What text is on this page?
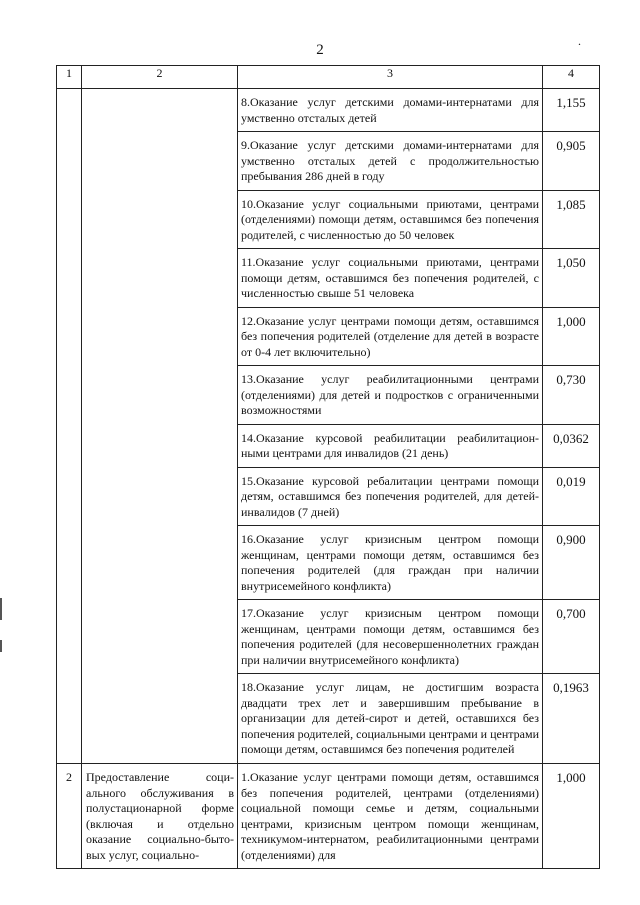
2
.
1	2	3	4
		8.Оказание услуг детскими домами-интернатами для умственно отсталых детей	1,155
		9.Оказание услуг детскими домами-интернатами для умственно отсталых детей с продолжительностью пребывания 286 дней в году	0,905
		10.Оказание услуг социальными приютами, центрами (отделениями) помощи детям, оставшимся без попечения родителей, с численностью до 50 человек	1,085
		11.Оказание услуг социальными приютами, центрами помощи детям, оставшимся без попечения родителей, с численностью свыше 51 человека	1,050
		12.Оказание услуг центрами помощи детям, оставшимся без попечения родителей (отделение для детей в возрасте от 0-4 лет включительно)	1,000
		13.Оказание услуг реабилитационными центрами (отделениями) для детей и подростков с ограниченными возможностями	0,730
		14.Оказание курсовой реабилитации реабилитацион-ными центрами для инвалидов (21 день)	0,0362
		15.Оказание курсовой ребалитации центрами помощи детям, оставшимся без попечения родителей, для детей-инвалидов (7 дней)	0,019
		16.Оказание услуг кризисным центром помощи женщинам, центрами помощи детям, оставшимся без попечения родителей (для граждан при наличии внутрисемейного конфликта)	0,900
		17.Оказание услуг кризисным центром помощи женщинам, центрами помощи детям, оставшимся без попечения родителей (для несовершеннолетних граждан при наличии внутрисемейного конфликта)	0,700
		18.Оказание услуг лицам, не достигшим возраста двадцати трех лет и завершившим пребывание в организации для детей-сирот и детей, оставшихся без попечения родителей, социальными центрами и центрами помощи детям, оставшимся без попечения родителей	0,1963
2	Предоставление соци-ального обслуживания в полустационарной форме (включая и отдельно оказание социально-быто-вых услуг, социально-	1.Оказание услуг центрами помощи детям, оставшимся без попечения родителей, центрами (отделениями) социальной помощи семье и детям, социальными центрами, кризисным центром помощи женщинам, техникумом-интернатом, реабилитационными центрами (отделениями) для	1,000
